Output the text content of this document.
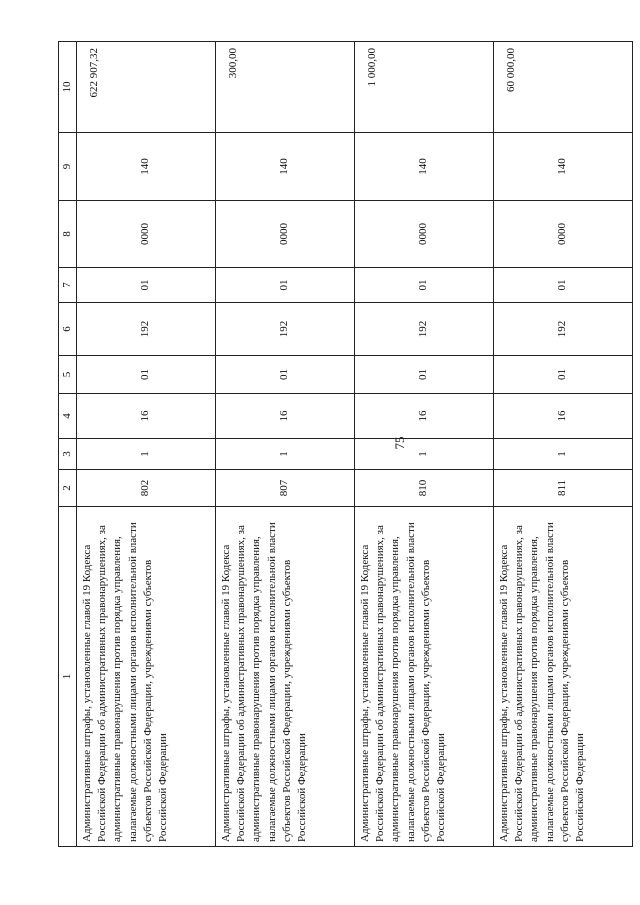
75
1	2	3	4	5	6	7	8	9	10
Административные штрафы, установленные главой 19 Кодекса Российской Федерации об административных правонарушениях, за административные правонарушения против порядка управления, налагаемые должностными лицами органов исполнительной власти субъектов Российской Федерации, учреждениями субъектов Российской Федерации	802	1	16	01	192	01	0000	140	622 907,32
Административные штрафы, установленные главой 19 Кодекса Российской Федерации об административных правонарушениях, за административные правонарушения против порядка управления, налагаемые должностными лицами органов исполнительной власти субъектов Российской Федерации, учреждениями субъектов Российской Федерации	807	1	16	01	192	01	0000	140	300,00
Административные штрафы, установленные главой 19 Кодекса Российской Федерации об административных правонарушениях, за административные правонарушения против порядка управления, налагаемые должностными лицами органов исполнительной власти субъектов Российской Федерации, учреждениями субъектов Российской Федерации	810	1	16	01	192	01	0000	140	1 000,00
Административные штрафы, установленные главой 19 Кодекса Российской Федерации об административных правонарушениях, за административные правонарушения против порядка управления, налагаемые должностными лицами органов исполнительной власти субъектов Российской Федерации, учреждениями субъектов Российской Федерации	811	1	16	01	192	01	0000	140	60 000,00
